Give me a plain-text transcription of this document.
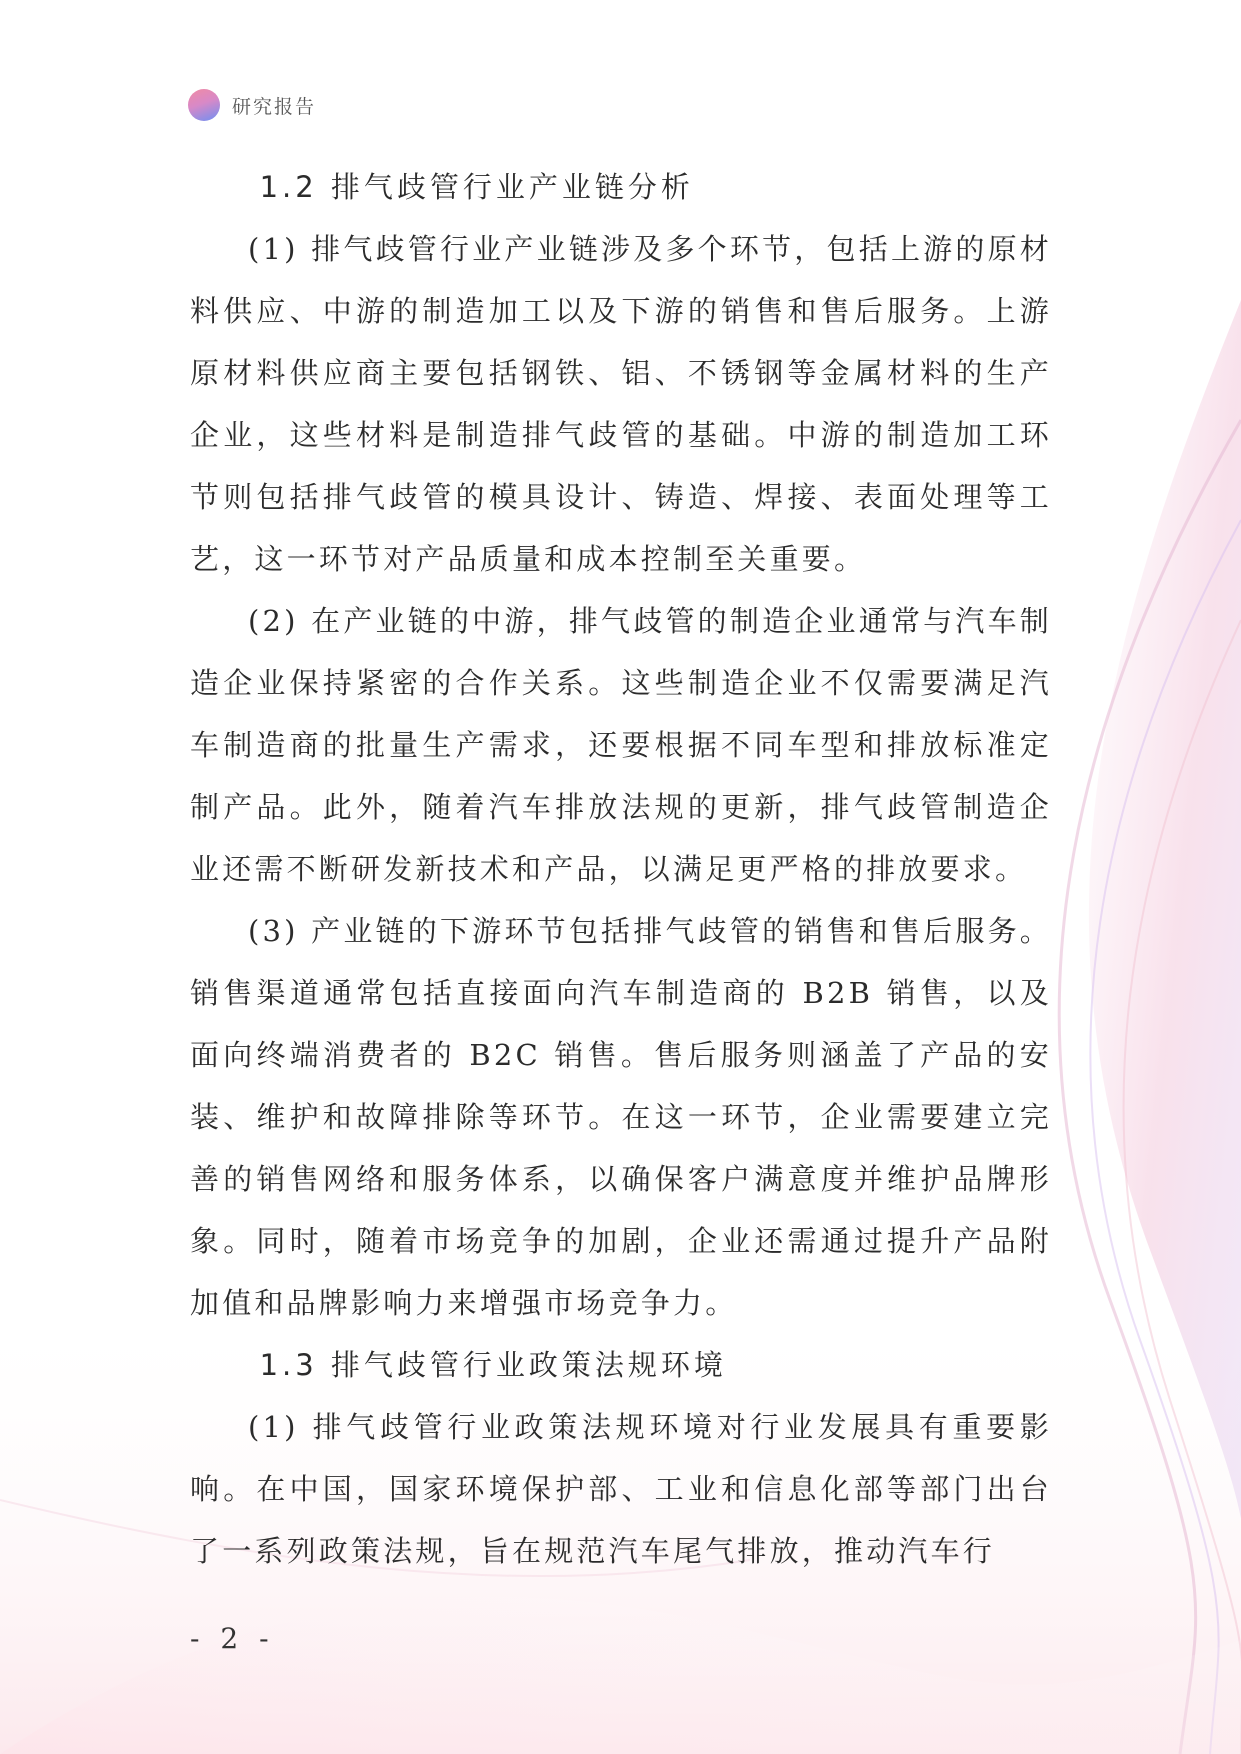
研究报告

1.2 排气歧管行业产业链分析

(1) 排气歧管行业产业链涉及多个环节，包括上游的原材料供应、中游的制造加工以及下游的销售和售后服务。上游原材料供应商主要包括钢铁、铝、不锈钢等金属材料的生产企业，这些材料是制造排气歧管的基础。中游的制造加工环节则包括排气歧管的模具设计、铸造、焊接、表面处理等工艺，这一环节对产品质量和成本控制至关重要。

(2) 在产业链的中游，排气歧管的制造企业通常与汽车制造企业保持紧密的合作关系。这些制造企业不仅需要满足汽车制造商的批量生产需求，还要根据不同车型和排放标准定制产品。此外，随着汽车排放法规的更新，排气歧管制造企业还需不断研发新技术和产品，以满足更严格的排放要求。

(3) 产业链的下游环节包括排气歧管的销售和售后服务。销售渠道通常包括直接面向汽车制造商的 B2B 销售，以及面向终端消费者的 B2C 销售。售后服务则涵盖了产品的安装、维护和故障排除等环节。在这一环节，企业需要建立完善的销售网络和服务体系，以确保客户满意度并维护品牌形象。同时，随着市场竞争的加剧，企业还需通过提升产品附加值和品牌影响力来增强市场竞争力。

1.3 排气歧管行业政策法规环境

(1) 排气歧管行业政策法规环境对行业发展具有重要影响。在中国，国家环境保护部、工业和信息化部等部门出台了一系列政策法规，旨在规范汽车尾气排放，推动汽车行

- 2 -
